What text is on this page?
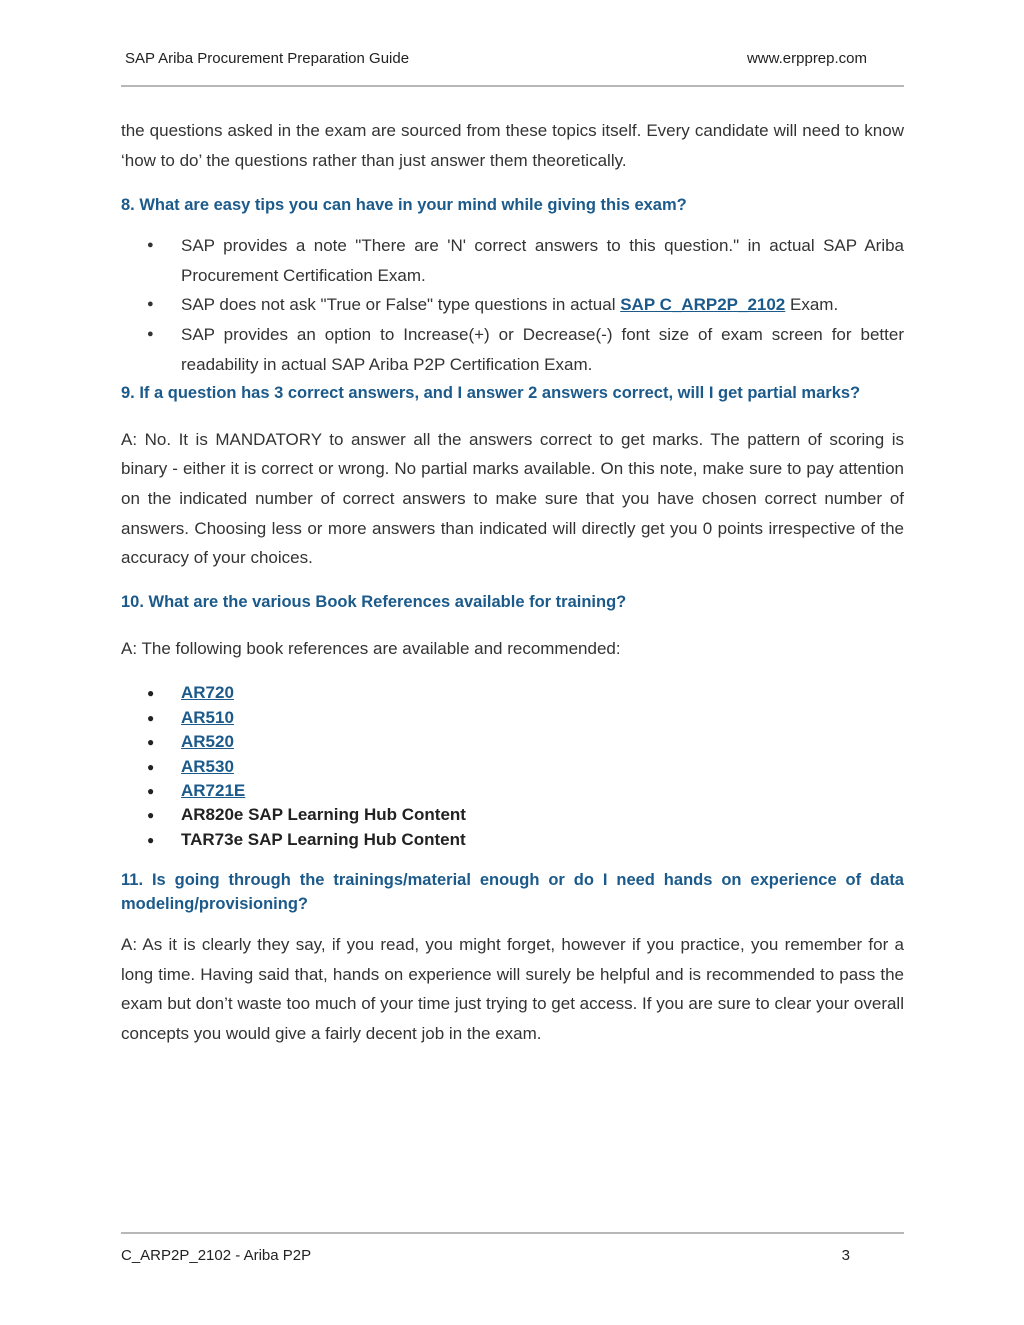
SAP Ariba Procurement Preparation Guide	www.erpprep.com

the questions asked in the exam are sourced from these topics itself. Every candidate will need to know ‘how to do’ the questions rather than just answer them theoretically.

8. What are easy tips you can have in your mind while giving this exam?
● SAP provides a note "There are 'N' correct answers to this question." in actual SAP Ariba Procurement Certification Exam.
● SAP does not ask "True or False" type questions in actual SAP C_ARP2P_2102 Exam.
● SAP provides an option to Increase(+) or Decrease(-) font size of exam screen for better readability in actual SAP Ariba P2P Certification Exam.
9. If a question has 3 correct answers, and I answer 2 answers correct, will I get partial marks?

A: No. It is MANDATORY to answer all the answers correct to get marks. The pattern of scoring is binary - either it is correct or wrong. No partial marks available. On this note, make sure to pay attention on the indicated number of correct answers to make sure that you have chosen correct number of answers. Choosing less or more answers than indicated will directly get you 0 points irrespective of the accuracy of your choices.

10. What are the various Book References available for training?

A: The following book references are available and recommended:

● AR720
● AR510
● AR520
● AR530
● AR721E
● AR820e SAP Learning Hub Content
● TAR73e SAP Learning Hub Content
11. Is going through the trainings/material enough or do I need hands on experience of data modeling/provisioning?

A: As it is clearly they say, if you read, you might forget, however if you practice, you remember for a long time. Having said that, hands on experience will surely be helpful and is recommended to pass the exam but don’t waste too much of your time just trying to get access. If you are sure to clear your overall concepts you would give a fairly decent job in the exam.

C_ARP2P_2102 - Ariba P2P	3
